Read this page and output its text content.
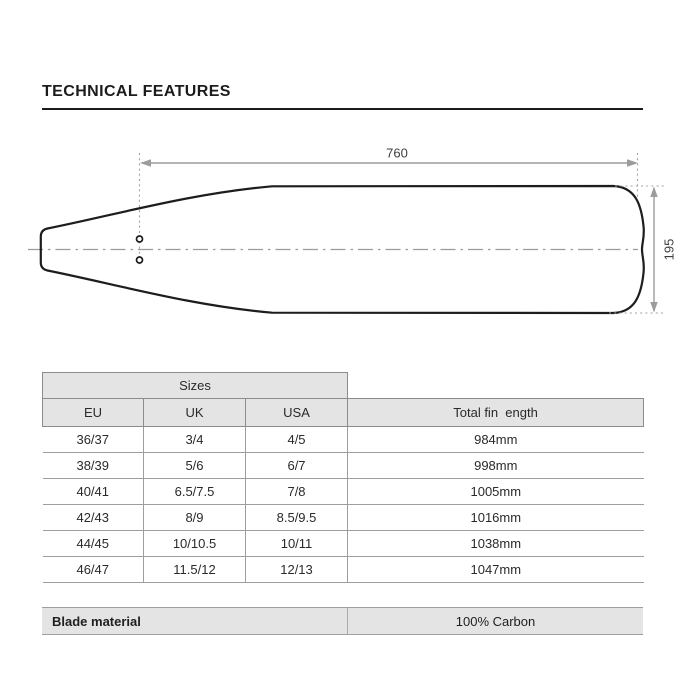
TECHNICAL FEATURES
760
195
Sizes			
EU	UK	USA	Total fin  ength
36/37	3/4	4/5	984mm
38/39	5/6	6/7	998mm
40/41	6.5/7.5	7/8	1005mm
42/43	8/9	8.5/9.5	1016mm
44/45	10/10.5	10/11	1038mm
46/47	11.5/12	12/13	1047mm
Blade material	100% Carbon
